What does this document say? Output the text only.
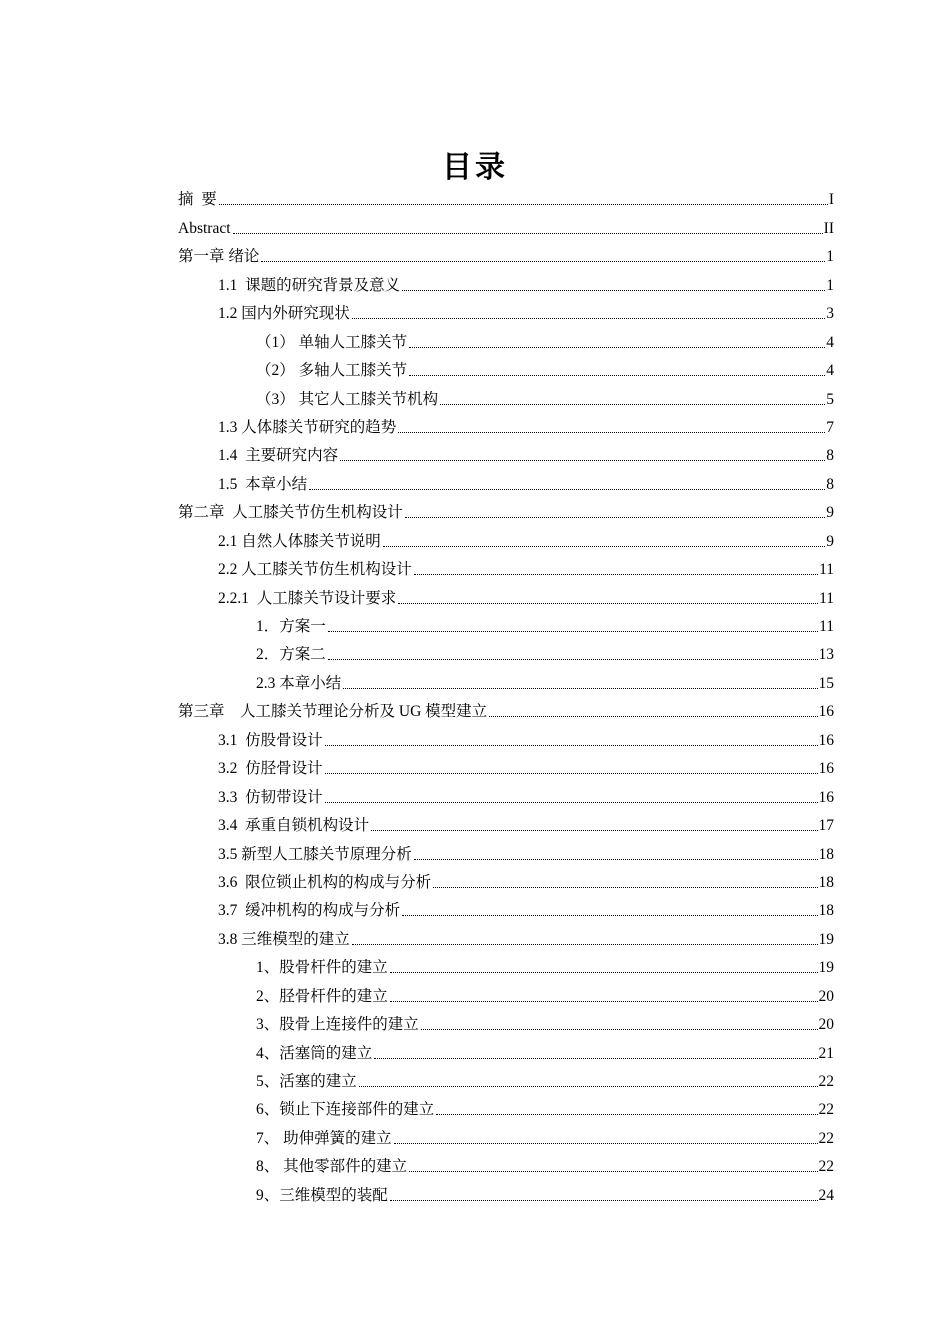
目录
摘  要	I
Abstract	II
第一章 绪论	1
1.1  课题的研究背景及意义	1
1.2 国内外研究现状	3
（1） 单轴人工膝关节	4
（2） 多轴人工膝关节	4
（3） 其它人工膝关节机构	5
1.3 人体膝关节研究的趋势	7
1.4  主要研究内容	8
1.5  本章小结	8
第二章  人工膝关节仿生机构设计	9
2.1 自然人体膝关节说明	9
2.2 人工膝关节仿生机构设计	11
2.2.1  人工膝关节设计要求	11
1．方案一	11
2．方案二	13
2.3 本章小结	15
第三章　人工膝关节理论分析及 UG 模型建立	16
3.1  仿股骨设计	16
3.2  仿胫骨设计	16
3.3  仿韧带设计	16
3.4  承重自锁机构设计	17
3.5 新型人工膝关节原理分析	18
3.6  限位锁止机构的构成与分析	18
3.7  缓冲机构的构成与分析	18
3.8 三维模型的建立	19
1、股骨杆件的建立	19
2、胫骨杆件的建立	20
3、股骨上连接件的建立	20
4、活塞筒的建立	21
5、活塞的建立	22
6、锁止下连接部件的建立	22
7、 助伸弹簧的建立	22
8、 其他零部件的建立	22
9、三维模型的装配	24
